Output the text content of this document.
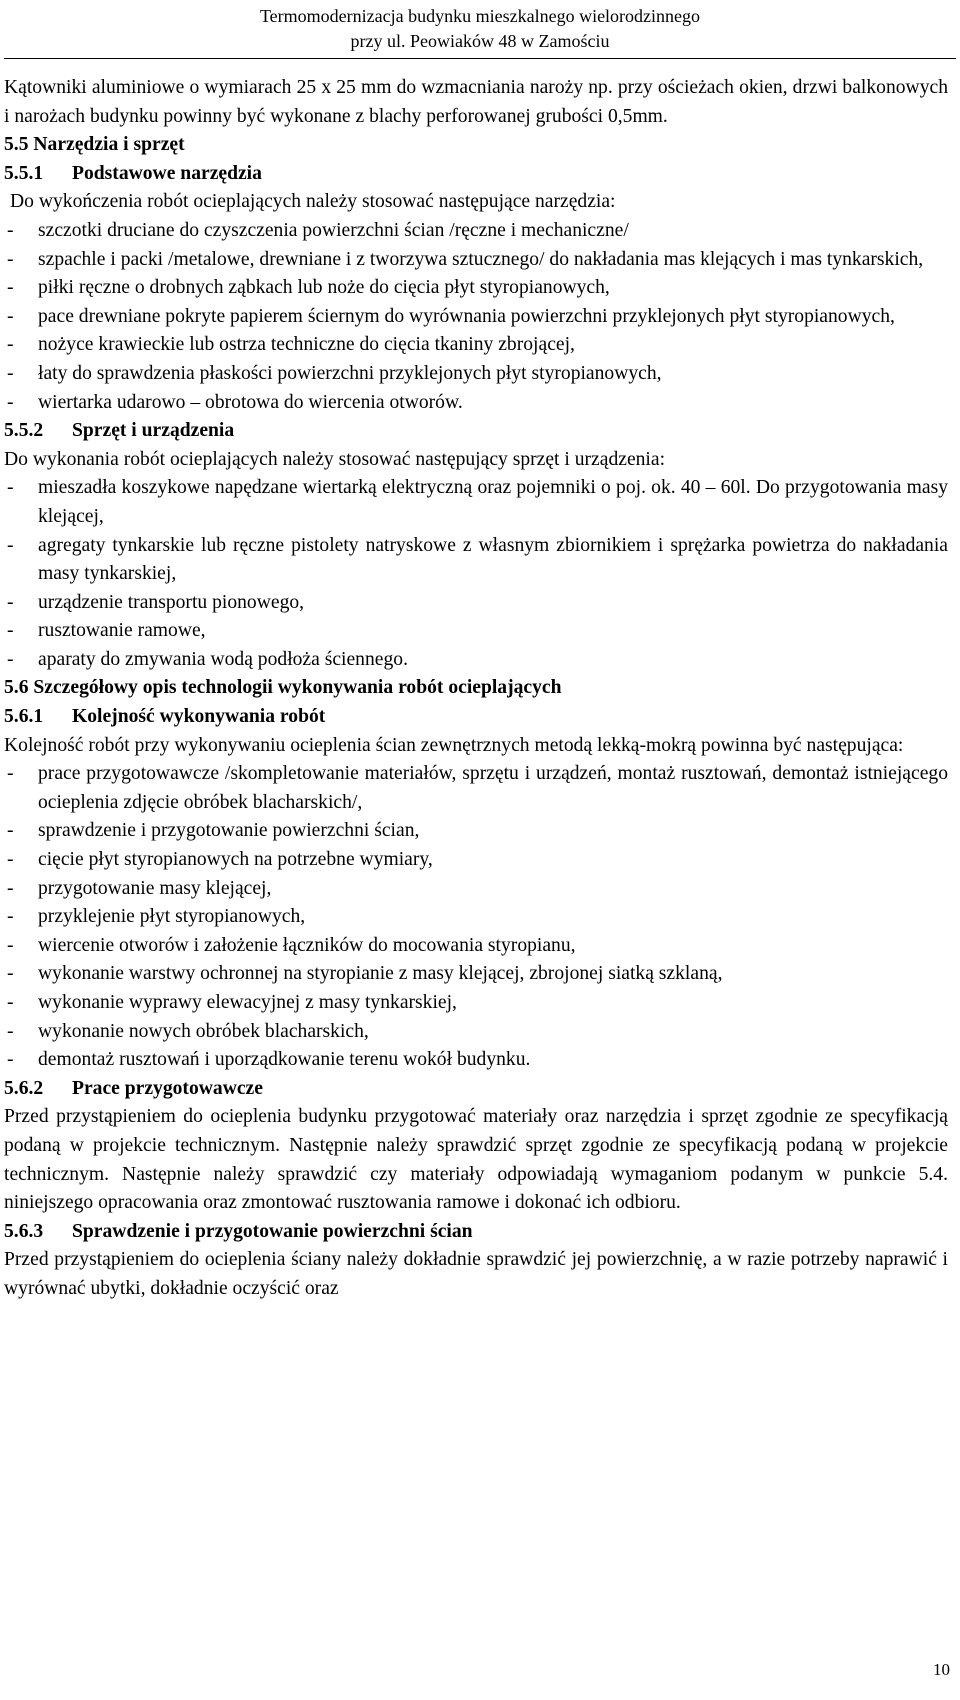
Termomodernizacja budynku mieszkalnego wielorodzinnego
przy ul. Peowiaków 48 w Zamościu

Kątowniki aluminiowe o wymiarach 25 x 25 mm do wzmacniania naroży np. przy ościeżach okien, drzwi balkonowych i narożach budynku powinny być wykonane z blachy perforowanej grubości 0,5mm.

5.5 Narzędzia i sprzęt

5.5.1 Podstawowe narzędzia

Do wykończenia robót ocieplających należy stosować następujące narzędzia:

- szczotki druciane do czyszczenia powierzchni ścian /ręczne i mechaniczne/

- szpachle i packi /metalowe, drewniane i z tworzywa sztucznego/ do nakładania mas klejących i mas tynkarskich,

- piłki ręczne o drobnych ząbkach lub noże do cięcia płyt styropianowych,

- pace drewniane pokryte papierem ściernym do wyrównania powierzchni przyklejonych płyt styropianowych,

- nożyce krawieckie lub ostrza techniczne do cięcia tkaniny zbrojącej,

- łaty do sprawdzenia płaskości powierzchni przyklejonych płyt styropianowych,

- wiertarka udarowo – obrotowa do wiercenia otworów.

5.5.2 Sprzęt i urządzenia

Do wykonania robót ocieplających należy stosować następujący sprzęt i urządzenia:

- mieszadła koszykowe napędzane wiertarką elektryczną oraz pojemniki o poj. ok. 40 – 60l. Do przygotowania masy klejącej,

- agregaty tynkarskie lub ręczne pistolety natryskowe z własnym zbiornikiem i sprężarka powietrza do nakładania masy tynkarskiej,

- urządzenie transportu pionowego,

- rusztowanie ramowe,

- aparaty do zmywania wodą podłoża ściennego.

5.6 Szczegółowy opis technologii wykonywania robót ocieplających

5.6.1 Kolejność wykonywania robót

Kolejność robót przy wykonywaniu ocieplenia ścian zewnętrznych metodą lekką-mokrą powinna być następująca:

- prace przygotowawcze /skompletowanie materiałów, sprzętu i urządzeń, montaż rusztowań, demontaż istniejącego ocieplenia zdjęcie obróbek blacharskich/,

- sprawdzenie i przygotowanie powierzchni ścian,

- cięcie płyt styropianowych na potrzebne wymiary,

- przygotowanie masy klejącej,

- przyklejenie płyt styropianowych,

- wiercenie otworów i założenie łączników do mocowania styropianu,

- wykonanie warstwy ochronnej na styropianie z masy klejącej, zbrojonej siatką szklaną,

- wykonanie wyprawy elewacyjnej z masy tynkarskiej,

- wykonanie nowych obróbek blacharskich,

- demontaż rusztowań i uporządkowanie terenu wokół budynku.

5.6.2 Prace przygotowawcze

Przed przystąpieniem do ocieplenia budynku przygotować materiały oraz narzędzia i sprzęt zgodnie ze specyfikacją podaną w projekcie technicznym. Następnie należy sprawdzić sprzęt zgodnie ze specyfikacją podaną w projekcie technicznym. Następnie należy sprawdzić czy materiały odpowiadają wymaganiom podanym w punkcie 5.4. niniejszego opracowania oraz zmontować rusztowania ramowe i dokonać ich odbioru.

5.6.3 Sprawdzenie i przygotowanie powierzchni ścian

Przed przystąpieniem do ocieplenia ściany należy dokładnie sprawdzić jej powierzchnię, a w razie potrzeby naprawić i wyrównać ubytki, dokładnie oczyścić oraz

10
